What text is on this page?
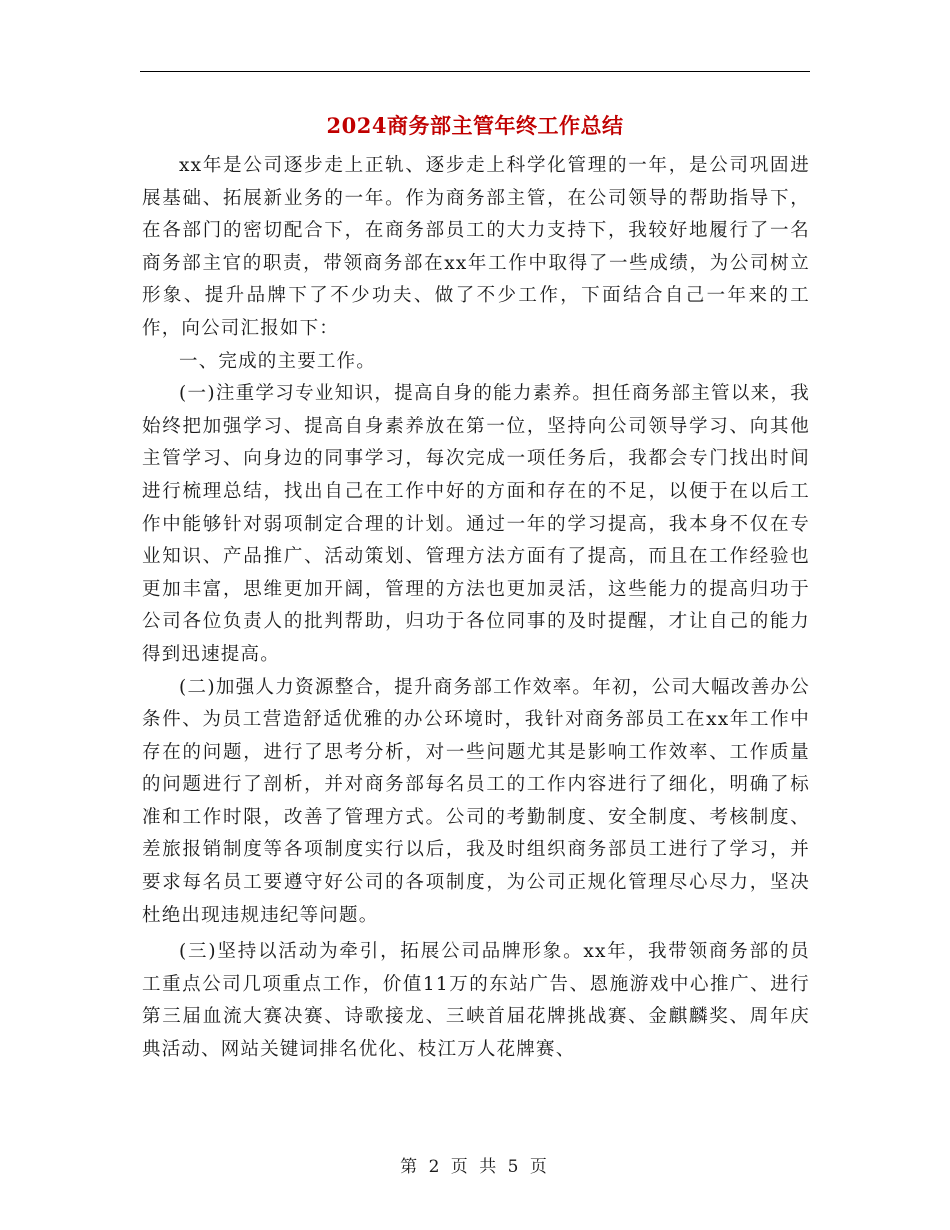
2024商务部主管年终工作总结

xx年是公司逐步走上正轨、逐步走上科学化管理的一年，是公司巩固进展基础、拓展新业务的一年。作为商务部主管，在公司领导的帮助指导下，在各部门的密切配合下，在商务部员工的大力支持下，我较好地履行了一名商务部主官的职责，带领商务部在xx年工作中取得了一些成绩，为公司树立形象、提升品牌下了不少功夫、做了不少工作，下面结合自己一年来的工作，向公司汇报如下：

一、完成的主要工作。

(一)注重学习专业知识，提高自身的能力素养。担任商务部主管以来，我始终把加强学习、提高自身素养放在第一位，坚持向公司领导学习、向其他主管学习、向身边的同事学习，每次完成一项任务后，我都会专门找出时间进行梳理总结，找出自己在工作中好的方面和存在的不足，以便于在以后工作中能够针对弱项制定合理的计划。通过一年的学习提高，我本身不仅在专业知识、产品推广、活动策划、管理方法方面有了提高，而且在工作经验也更加丰富，思维更加开阔，管理的方法也更加灵活，这些能力的提高归功于公司各位负责人的批判帮助，归功于各位同事的及时提醒，才让自己的能力得到迅速提高。

(二)加强人力资源整合，提升商务部工作效率。年初，公司大幅改善办公条件、为员工营造舒适优雅的办公环境时，我针对商务部员工在xx年工作中存在的问题，进行了思考分析，对一些问题尤其是影响工作效率、工作质量的问题进行了剖析，并对商务部每名员工的工作内容进行了细化，明确了标准和工作时限，改善了管理方式。公司的考勤制度、安全制度、考核制度、差旅报销制度等各项制度实行以后，我及时组织商务部员工进行了学习，并要求每名员工要遵守好公司的各项制度，为公司正规化管理尽心尽力，坚决杜绝出现违规违纪等问题。

(三)坚持以活动为牵引，拓展公司品牌形象。xx年，我带领商务部的员工重点公司几项重点工作，价值11万的东站广告、恩施游戏中心推广、进行第三届血流大赛决赛、诗歌接龙、三峡首届花牌挑战赛、金麒麟奖、周年庆典活动、网站关键词排名优化、枝江万人花牌赛、

第 2 页 共 5 页
